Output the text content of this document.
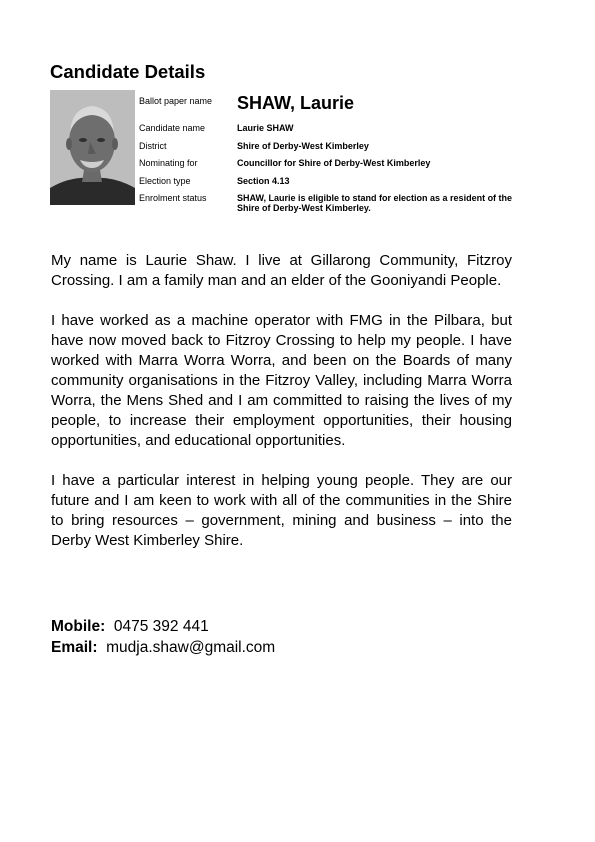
Candidate Details
Ballot paper name	SHAW, Laurie
Candidate name	Laurie SHAW
District	Shire of Derby-West Kimberley
Nominating for	Councillor for Shire of Derby-West Kimberley
Election type	Section 4.13
Enrolment status	SHAW, Laurie is eligible to stand for election as a resident of the Shire of Derby-West Kimberley.

My name is Laurie Shaw. I live at Gillarong Community, Fitzroy Crossing. I am a family man and an elder of the Gooniyandi People.

I have worked as a machine operator with FMG in the Pilbara, but have now moved back to Fitzroy Crossing to help my people. I have worked with Marra Worra Worra, and been on the Boards of many community organisations in the Fitzroy Valley, including Marra Worra Worra, the Mens Shed and I am committed to raising the lives of my people, to increase their employment opportunities, their housing opportunities, and educational opportunities.

I have a particular interest in helping young people. They are our future and I am keen to work with all of the communities in the Shire to bring resources – government, mining and business – into the Derby West Kimberley Shire.

Mobile: 0475 392 441
Email: mudja.shaw@gmail.com
